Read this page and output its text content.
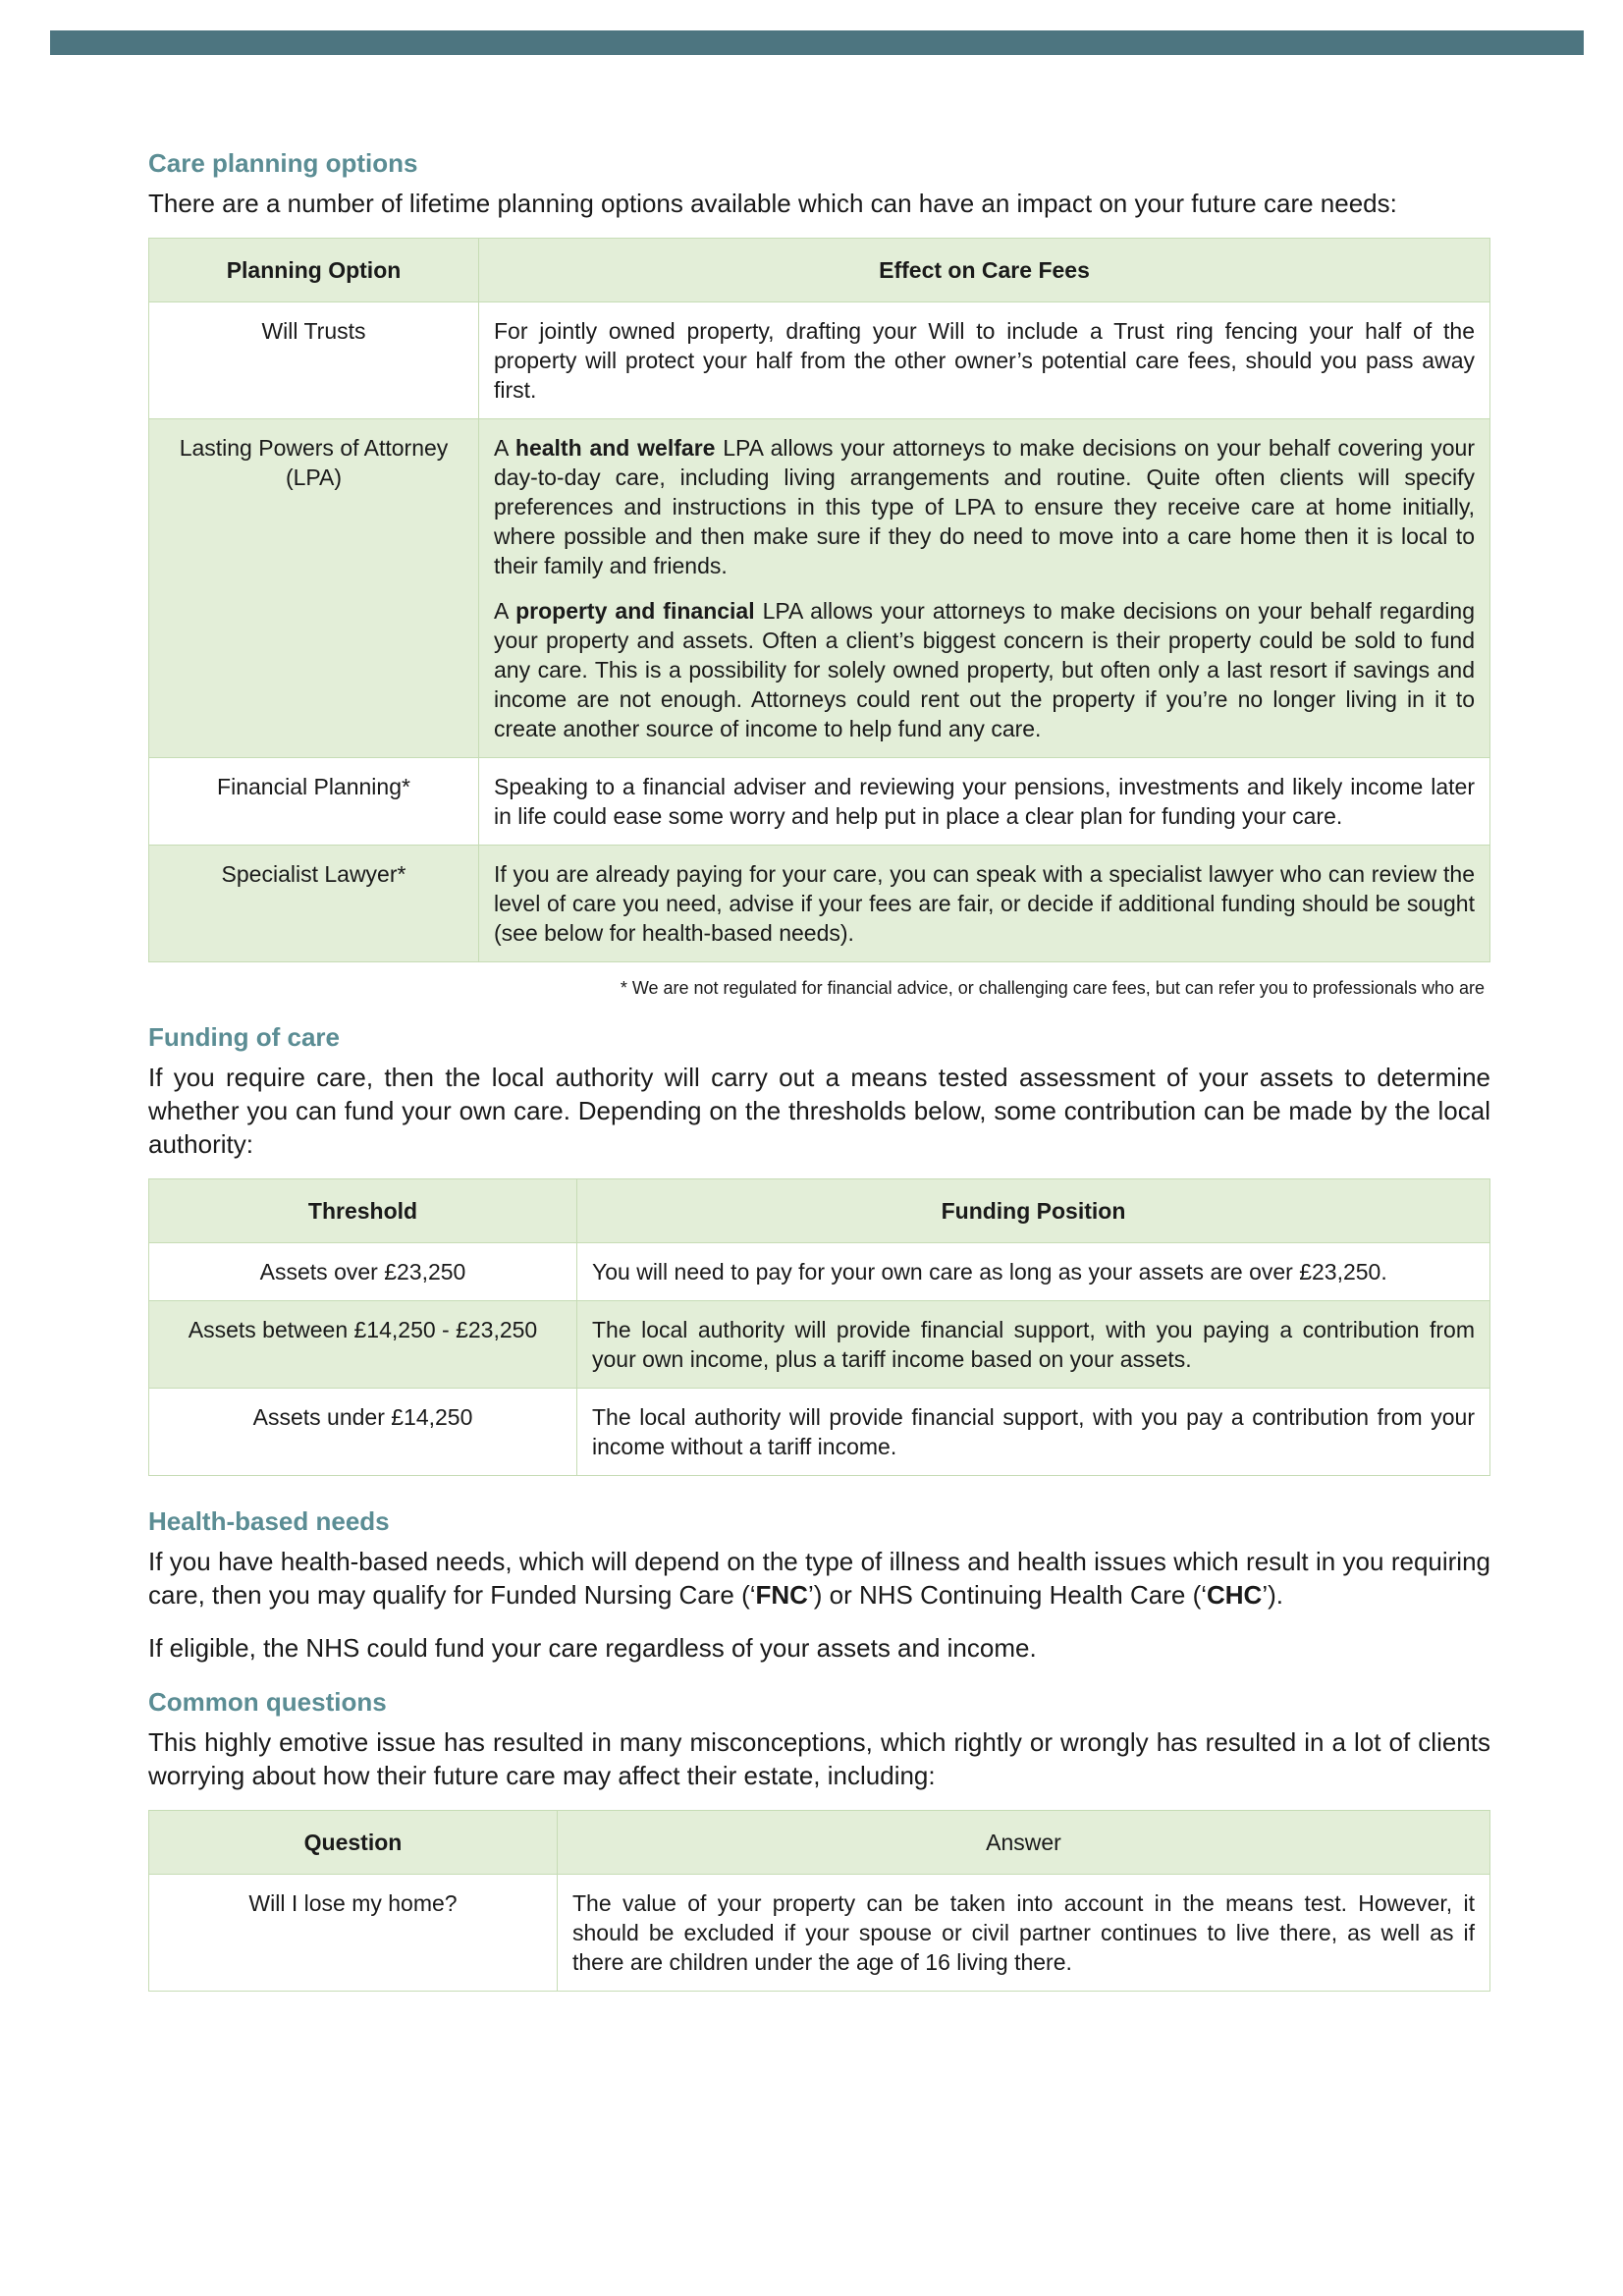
Care planning options

There are a number of lifetime planning options available which can have an impact on your future care needs:

Planning Option	Effect on Care Fees
Will Trusts	For jointly owned property, drafting your Will to include a Trust ring fencing your half of the property will protect your half from the other owner’s potential care fees, should you pass away first.
Lasting Powers of Attorney (LPA)	A health and welfare LPA allows your attorneys to make decisions on your behalf covering your day-to-day care, including living arrangements and routine. Quite often clients will specify preferences and instructions in this type of LPA to ensure they receive care at home initially, where possible and then make sure if they do need to move into a care home then it is local to their family and friends.

A property and financial LPA allows your attorneys to make decisions on your behalf regarding your property and assets. Often a client’s biggest concern is their property could be sold to fund any care. This is a possibility for solely owned property, but often only a last resort if savings and income are not enough. Attorneys could rent out the property if you’re no longer living in it to create another source of income to help fund any care.

Financial Planning*	Speaking to a financial adviser and reviewing your pensions, investments and likely income later in life could ease some worry and help put in place a clear plan for funding your care.
Specialist Lawyer*	If you are already paying for your care, you can speak with a specialist lawyer who can review the level of care you need, advise if your fees are fair, or decide if additional funding should be sought (see below for health-based needs).

* We are not regulated for financial advice, or challenging care fees, but can refer you to professionals who are

Funding of care

If you require care, then the local authority will carry out a means tested assessment of your assets to determine whether you can fund your own care. Depending on the thresholds below, some contribution can be made by the local authority:

Threshold	Funding Position
Assets over £23,250	You will need to pay for your own care as long as your assets are over £23,250.
Assets between £14,250 - £23,250	The local authority will provide financial support, with you paying a contribution from your own income, plus a tariff income based on your assets.
Assets under £14,250	The local authority will provide financial support, with you pay a contribution from your income without a tariff income.

Health-based needs

If you have health-based needs, which will depend on the type of illness and health issues which result in you requiring care, then you may qualify for Funded Nursing Care (‘FNC’) or NHS Continuing Health Care (‘CHC’).

If eligible, the NHS could fund your care regardless of your assets and income.

Common questions

This highly emotive issue has resulted in many misconceptions, which rightly or wrongly has resulted in a lot of clients worrying about how their future care may affect their estate, including:

Question	Answer
Will I lose my home?	The value of your property can be taken into account in the means test. However, it should be excluded if your spouse or civil partner continues to live there, as well as if there are children under the age of 16 living there.
